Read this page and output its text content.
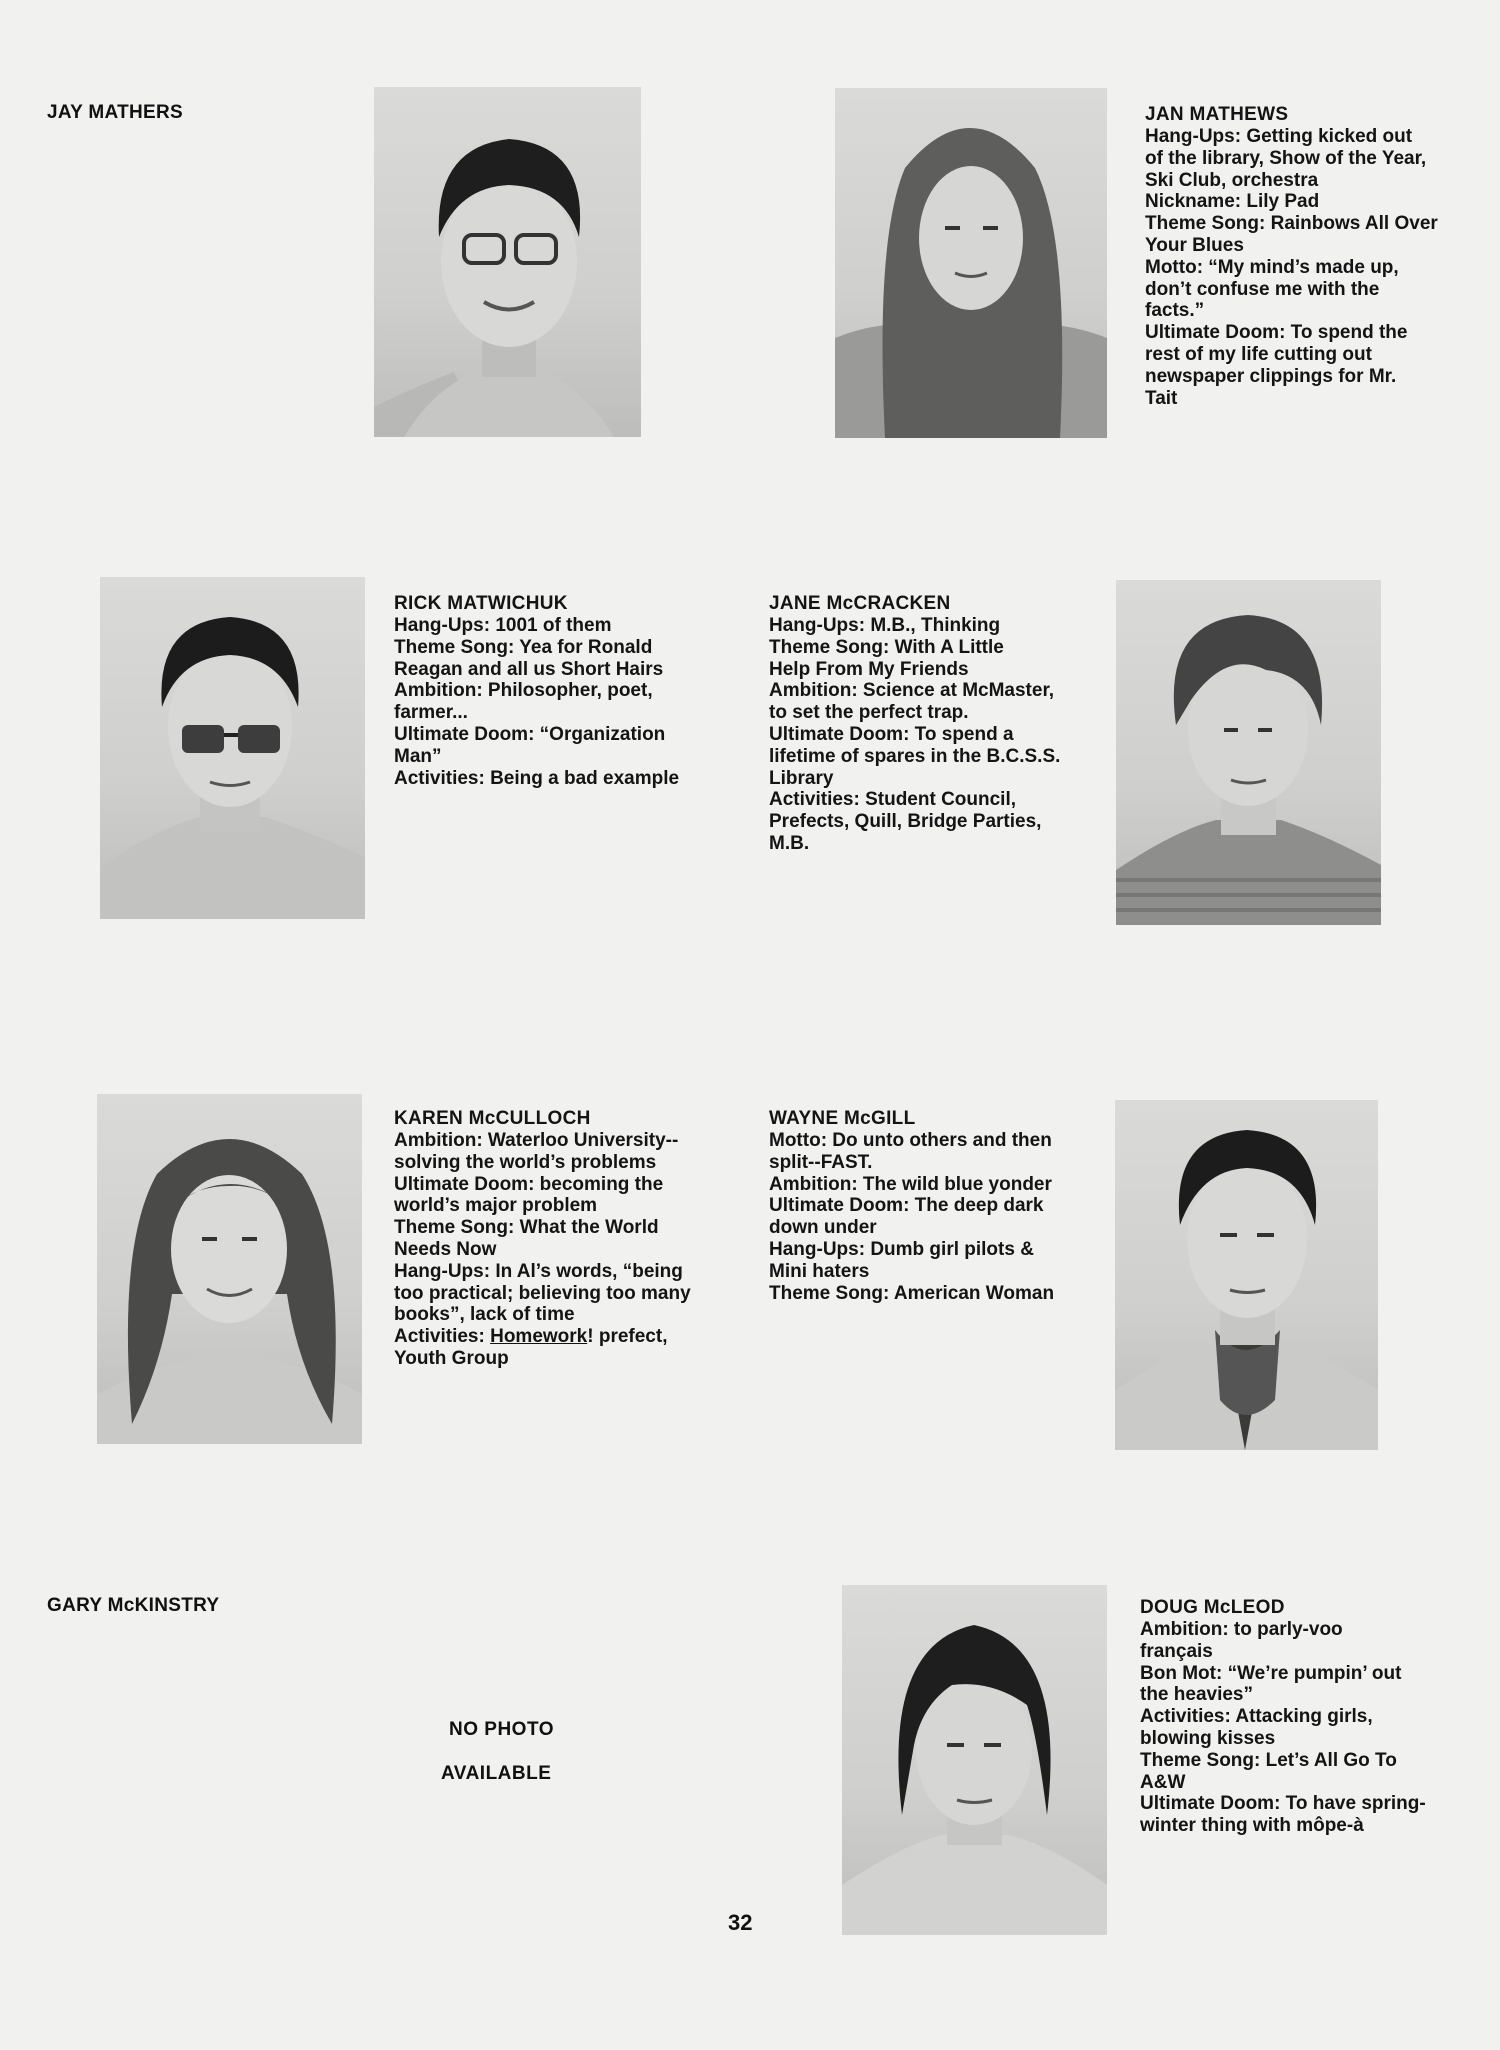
JAY MATHERS	JAN MATHEWS
Hang-Ups: Getting kicked out
of the library, Show of the Year,
Ski Club, orchestra
Nickname: Lily Pad
Theme Song: Rainbows All Over
Your Blues
Motto: “My mind’s made up,
don’t confuse me with the
facts.”
Ultimate Doom: To spend the
rest of my life cutting out
newspaper clippings for Mr.
Tait
RICK MATWICHUK
Hang-Ups: 1001 of them
Theme Song: Yea for Ronald
Reagan and all us Short Hairs
Ambition: Philosopher, poet,
farmer...
Ultimate Doom: “Organization
Man”
Activities: Being a bad example
JANE McCRACKEN
Hang-Ups: M.B., Thinking
Theme Song: With A Little
Help From My Friends
Ambition: Science at McMaster,
to set the perfect trap.
Ultimate Doom: To spend a
lifetime of spares in the B.C.S.S.
Library
Activities: Student Council,
Prefects, Quill, Bridge Parties,
M.B.
KAREN McCULLOCH
Ambition: Waterloo University--
solving the world’s problems
Ultimate Doom: becoming the
world’s major problem
Theme Song: What the World
Needs Now
Hang-Ups: In Al’s words, “being
too practical; believing too many
books”, lack of time
Activities: Homework! prefect,
Youth Group
WAYNE McGILL
Motto: Do unto others and then
split--FAST.
Ambition: The wild blue yonder
Ultimate Doom: The deep dark
down under
Hang-Ups: Dumb girl pilots &
Mini haters
Theme Song: American Woman
GARY McKINSTRY
NO PHOTO
AVAILABLE
DOUG McLEOD
Ambition: to parly-voo
français
Bon Mot: “We’re pumpin’ out
the heavies”
Activities: Attacking girls,
blowing kisses
Theme Song: Let’s All Go To
A&W
Ultimate Doom: To have spring-
winter thing with môpe-à
32
